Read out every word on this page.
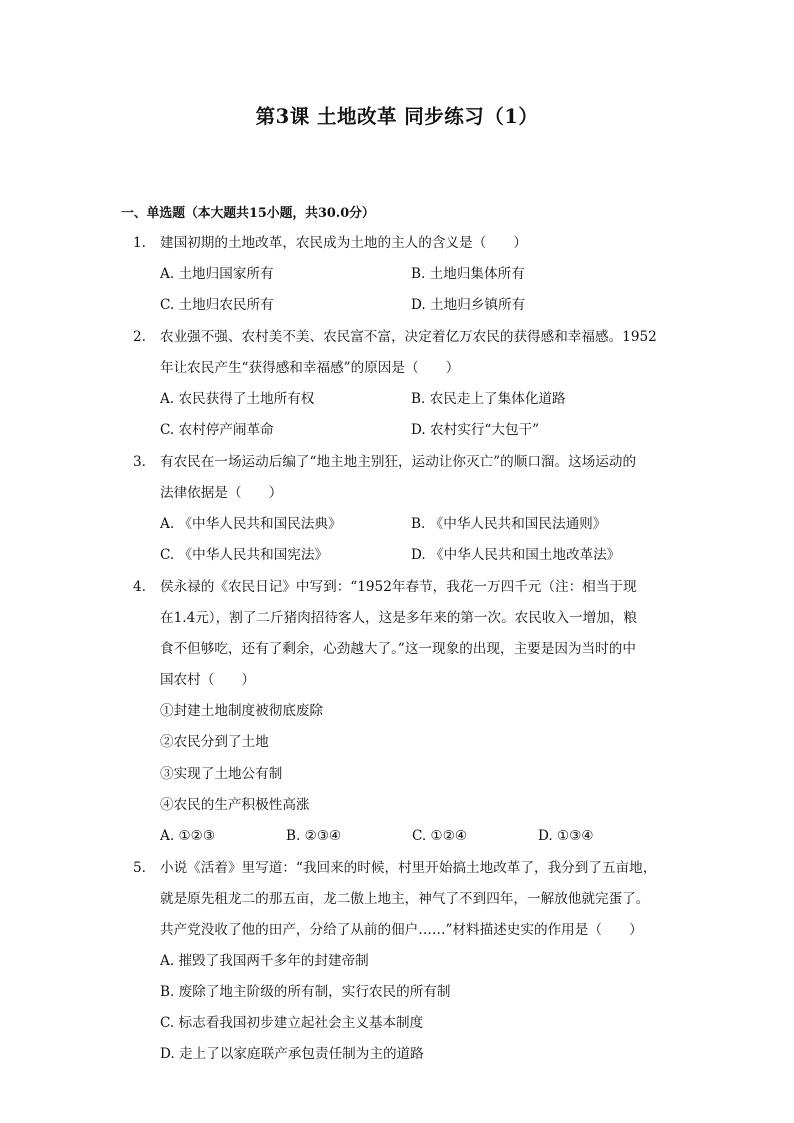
第3课 土地改革 同步练习（1）
一、单选题（本大题共15小题，共30.0分）
1. 建国初期的土地改革，农民成为土地的主人的含义是（　　）
A. 土地归国家所有	B. 土地归集体所有
C. 土地归农民所有	D. 土地归乡镇所有
2. 农业强不强、农村美不美、农民富不富，决定着亿万农民的获得感和幸福感。1952
年让农民产生“获得感和幸福感”的原因是（　　）
A. 农民获得了土地所有权	B. 农民走上了集体化道路
C. 农村停产闹革命	D. 农村实行“大包干”
3. 有农民在一场运动后编了“地主地主别狂，运动让你灭亡”的顺口溜。这场运动的
法律依据是（　　）
A. 《中华人民共和国民法典》	B. 《中华人民共和国民法通则》
C. 《中华人民共和国宪法》	D. 《中华人民共和国土地改革法》
4. 侯永禄的《农民日记》中写到：“1952年春节，我花一万四千元（注：相当于现
在1.4元），割了二斤猪肉招待客人，这是多年来的第一次。农民收入一增加，粮
食不但够吃，还有了剩余，心劲越大了。”这一现象的出现，主要是因为当时的中
国农村（　　）
①封建土地制度被彻底废除
②农民分到了土地
③实现了土地公有制
④农民的生产积极性高涨
A. ①②③	B. ②③④	C. ①②④	D. ①③④
5. 小说《活着》里写道：“我回来的时候，村里开始搞土地改革了，我分到了五亩地，
就是原先租龙二的那五亩，龙二傲上地主，神气了不到四年，一解放他就完蛋了。
共产党没收了他的田产，分给了从前的佃户……”材料描述史实的作用是（　　）
A. 摧毁了我国两千多年的封建帝制
B. 废除了地主阶级的所有制，实行农民的所有制
C. 标志看我国初步建立起社会主义基本制度
D. 走上了以家庭联产承包责任制为主的道路
